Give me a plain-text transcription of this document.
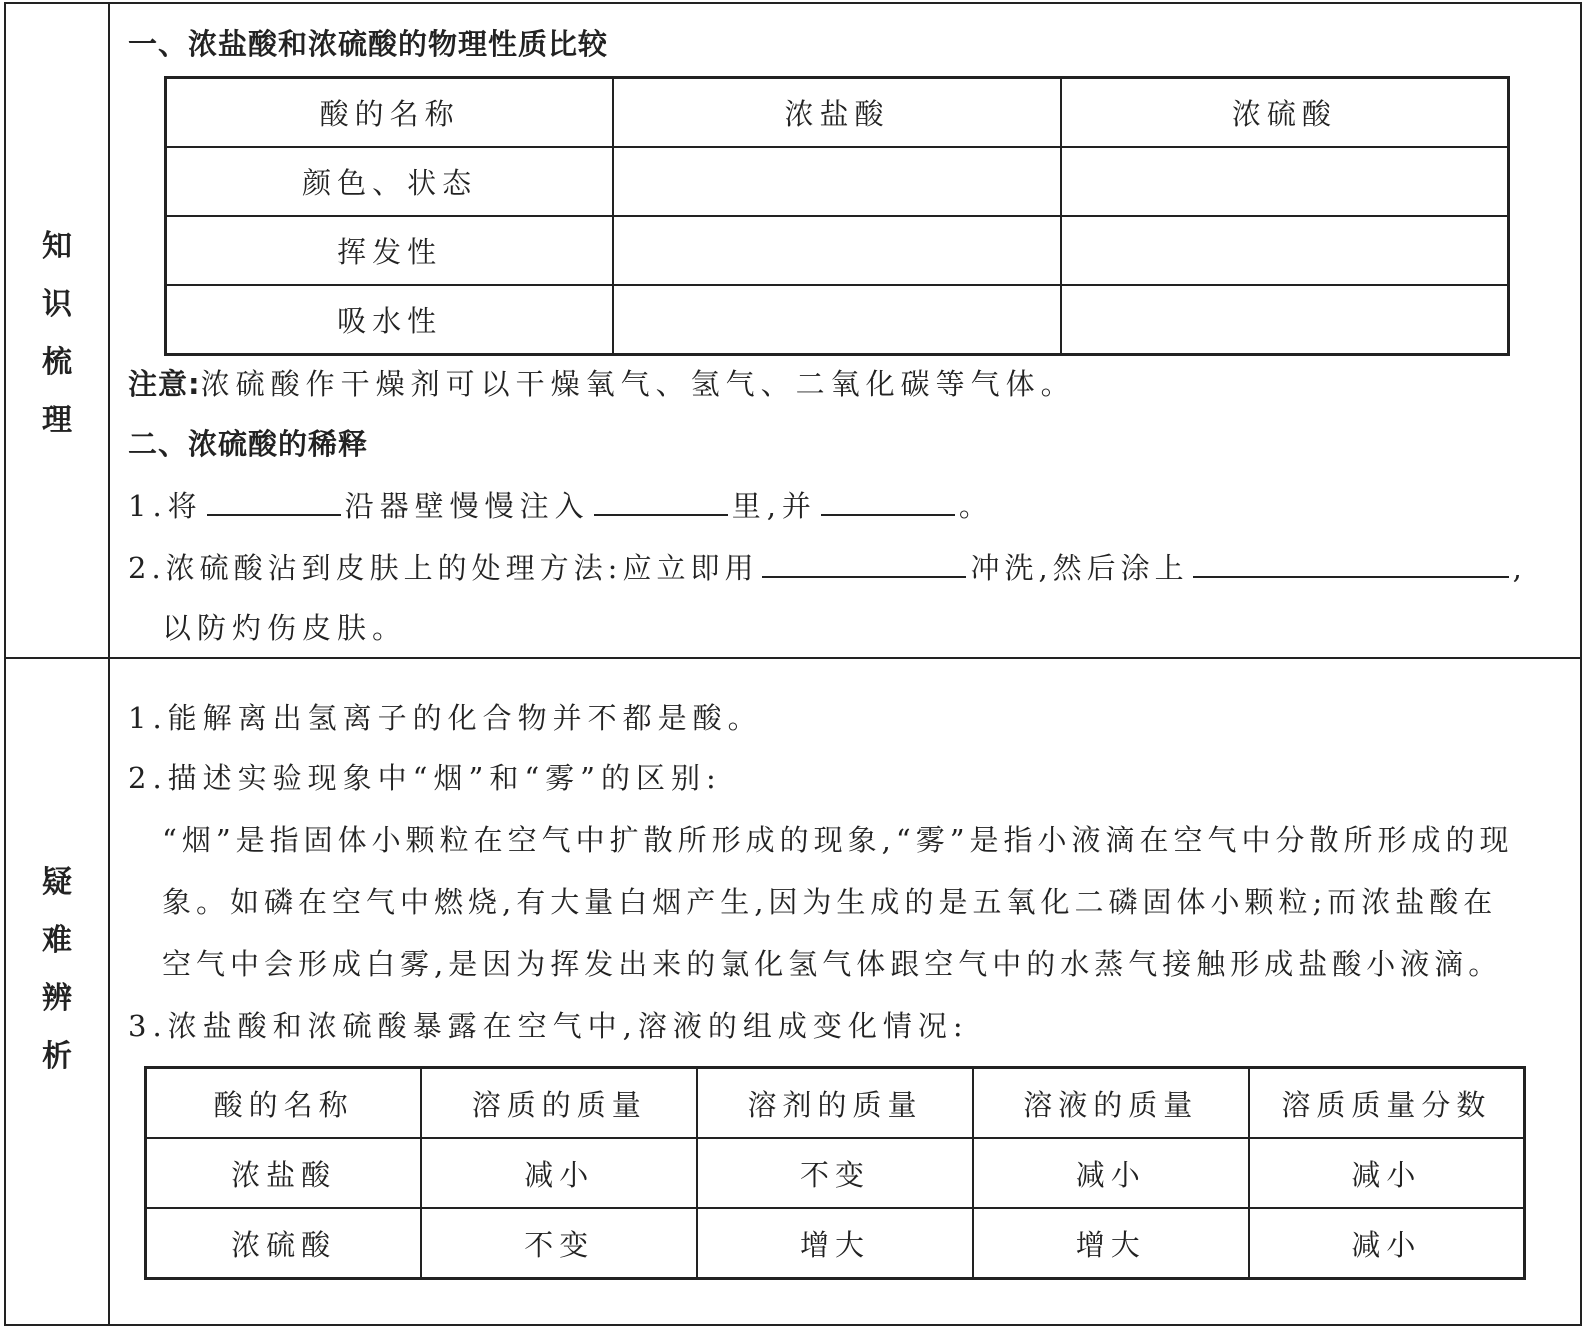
知
识
梳
理
疑
难
辨
析
一、浓盐酸和浓硫酸的物理性质比较
酸的名称	浓盐酸	浓硫酸
颜色、状态		
挥发性		
吸水性		
注意:浓硫酸作干燥剂可以干燥氧气、氢气、二氧化碳等气体。
二、浓硫酸的稀释
1.将	沿器壁慢慢注入	里,并	。
2.浓硫酸沾到皮肤上的处理方法:应立即用	冲洗,然后涂上	,
以防灼伤皮肤。
1.能解离出氢离子的化合物并不都是酸。
2.描述实验现象中“烟”和“雾”的区别:
“烟”是指固体小颗粒在空气中扩散所形成的现象,“雾”是指小液滴在空气中分散所形成的现
象。如磷在空气中燃烧,有大量白烟产生,因为生成的是五氧化二磷固体小颗粒;而浓盐酸在
空气中会形成白雾,是因为挥发出来的氯化氢气体跟空气中的水蒸气接触形成盐酸小液滴。
3.浓盐酸和浓硫酸暴露在空气中,溶液的组成变化情况:
酸的名称	溶质的质量	溶剂的质量	溶液的质量	溶质质量分数
浓盐酸	减小	不变	减小	减小
浓硫酸	不变	增大	增大	减小
